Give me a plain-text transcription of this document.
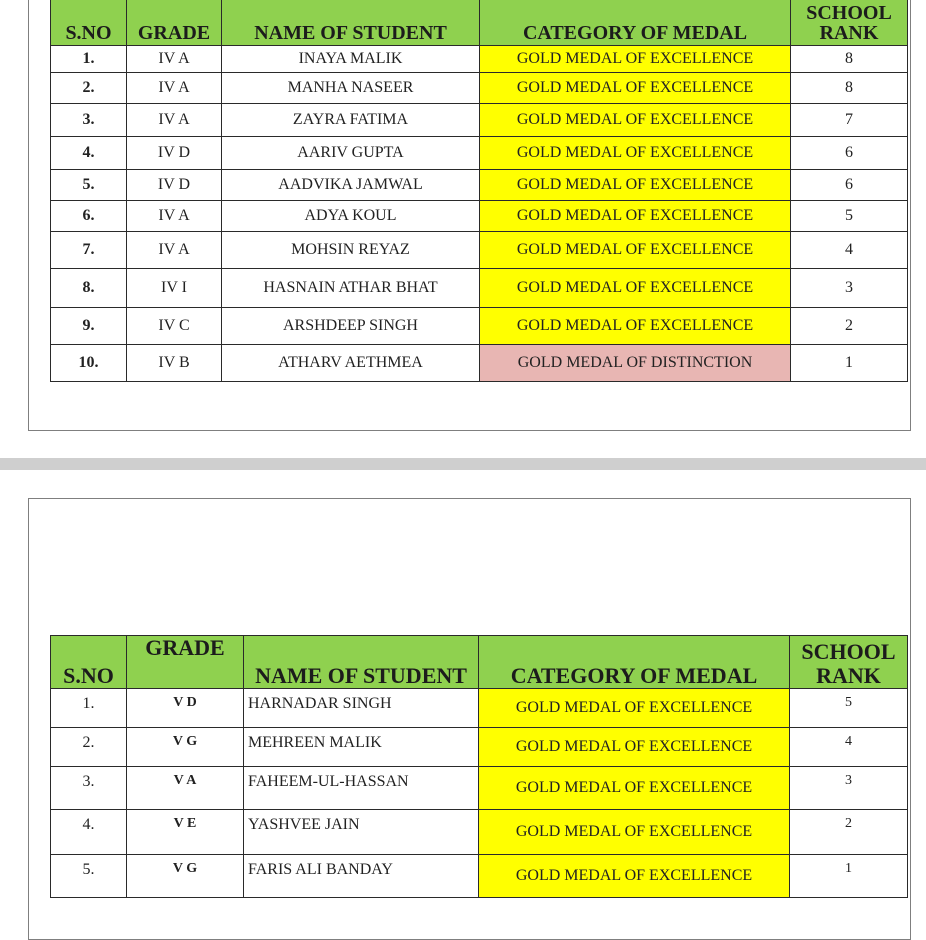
S.NO	GRADE	NAME OF STUDENT	CATEGORY OF MEDAL	SCHOOL RANK
1.	IV A	INAYA MALIK	GOLD MEDAL OF EXCELLENCE	8
2.	IV A	MANHA NASEER	GOLD MEDAL OF EXCELLENCE	8
3.	IV A	ZAYRA FATIMA	GOLD MEDAL OF EXCELLENCE	7
4.	IV D	AARIV GUPTA	GOLD MEDAL OF EXCELLENCE	6
5.	IV D	AADVIKA JAMWAL	GOLD MEDAL OF EXCELLENCE	6
6.	IV A	ADYA KOUL	GOLD MEDAL OF EXCELLENCE	5
7.	IV A	MOHSIN REYAZ	GOLD MEDAL OF EXCELLENCE	4
8.	IV I	HASNAIN ATHAR BHAT	GOLD MEDAL OF EXCELLENCE	3
9.	IV C	ARSHDEEP SINGH	GOLD MEDAL OF EXCELLENCE	2
10.	IV B	ATHARV AETHMEA	GOLD MEDAL OF DISTINCTION	1
S.NO	GRADE	NAME OF STUDENT	CATEGORY OF MEDAL	SCHOOL RANK
1.	V D	HARNADAR SINGH	GOLD MEDAL OF EXCELLENCE	5
2.	V G	MEHREEN MALIK	GOLD MEDAL OF EXCELLENCE	4
3.	V A	FAHEEM-UL-HASSAN	GOLD MEDAL OF EXCELLENCE	3
4.	V E	YASHVEE JAIN	GOLD MEDAL OF EXCELLENCE	2
5.	V G	FARIS ALI BANDAY	GOLD MEDAL OF EXCELLENCE	1
